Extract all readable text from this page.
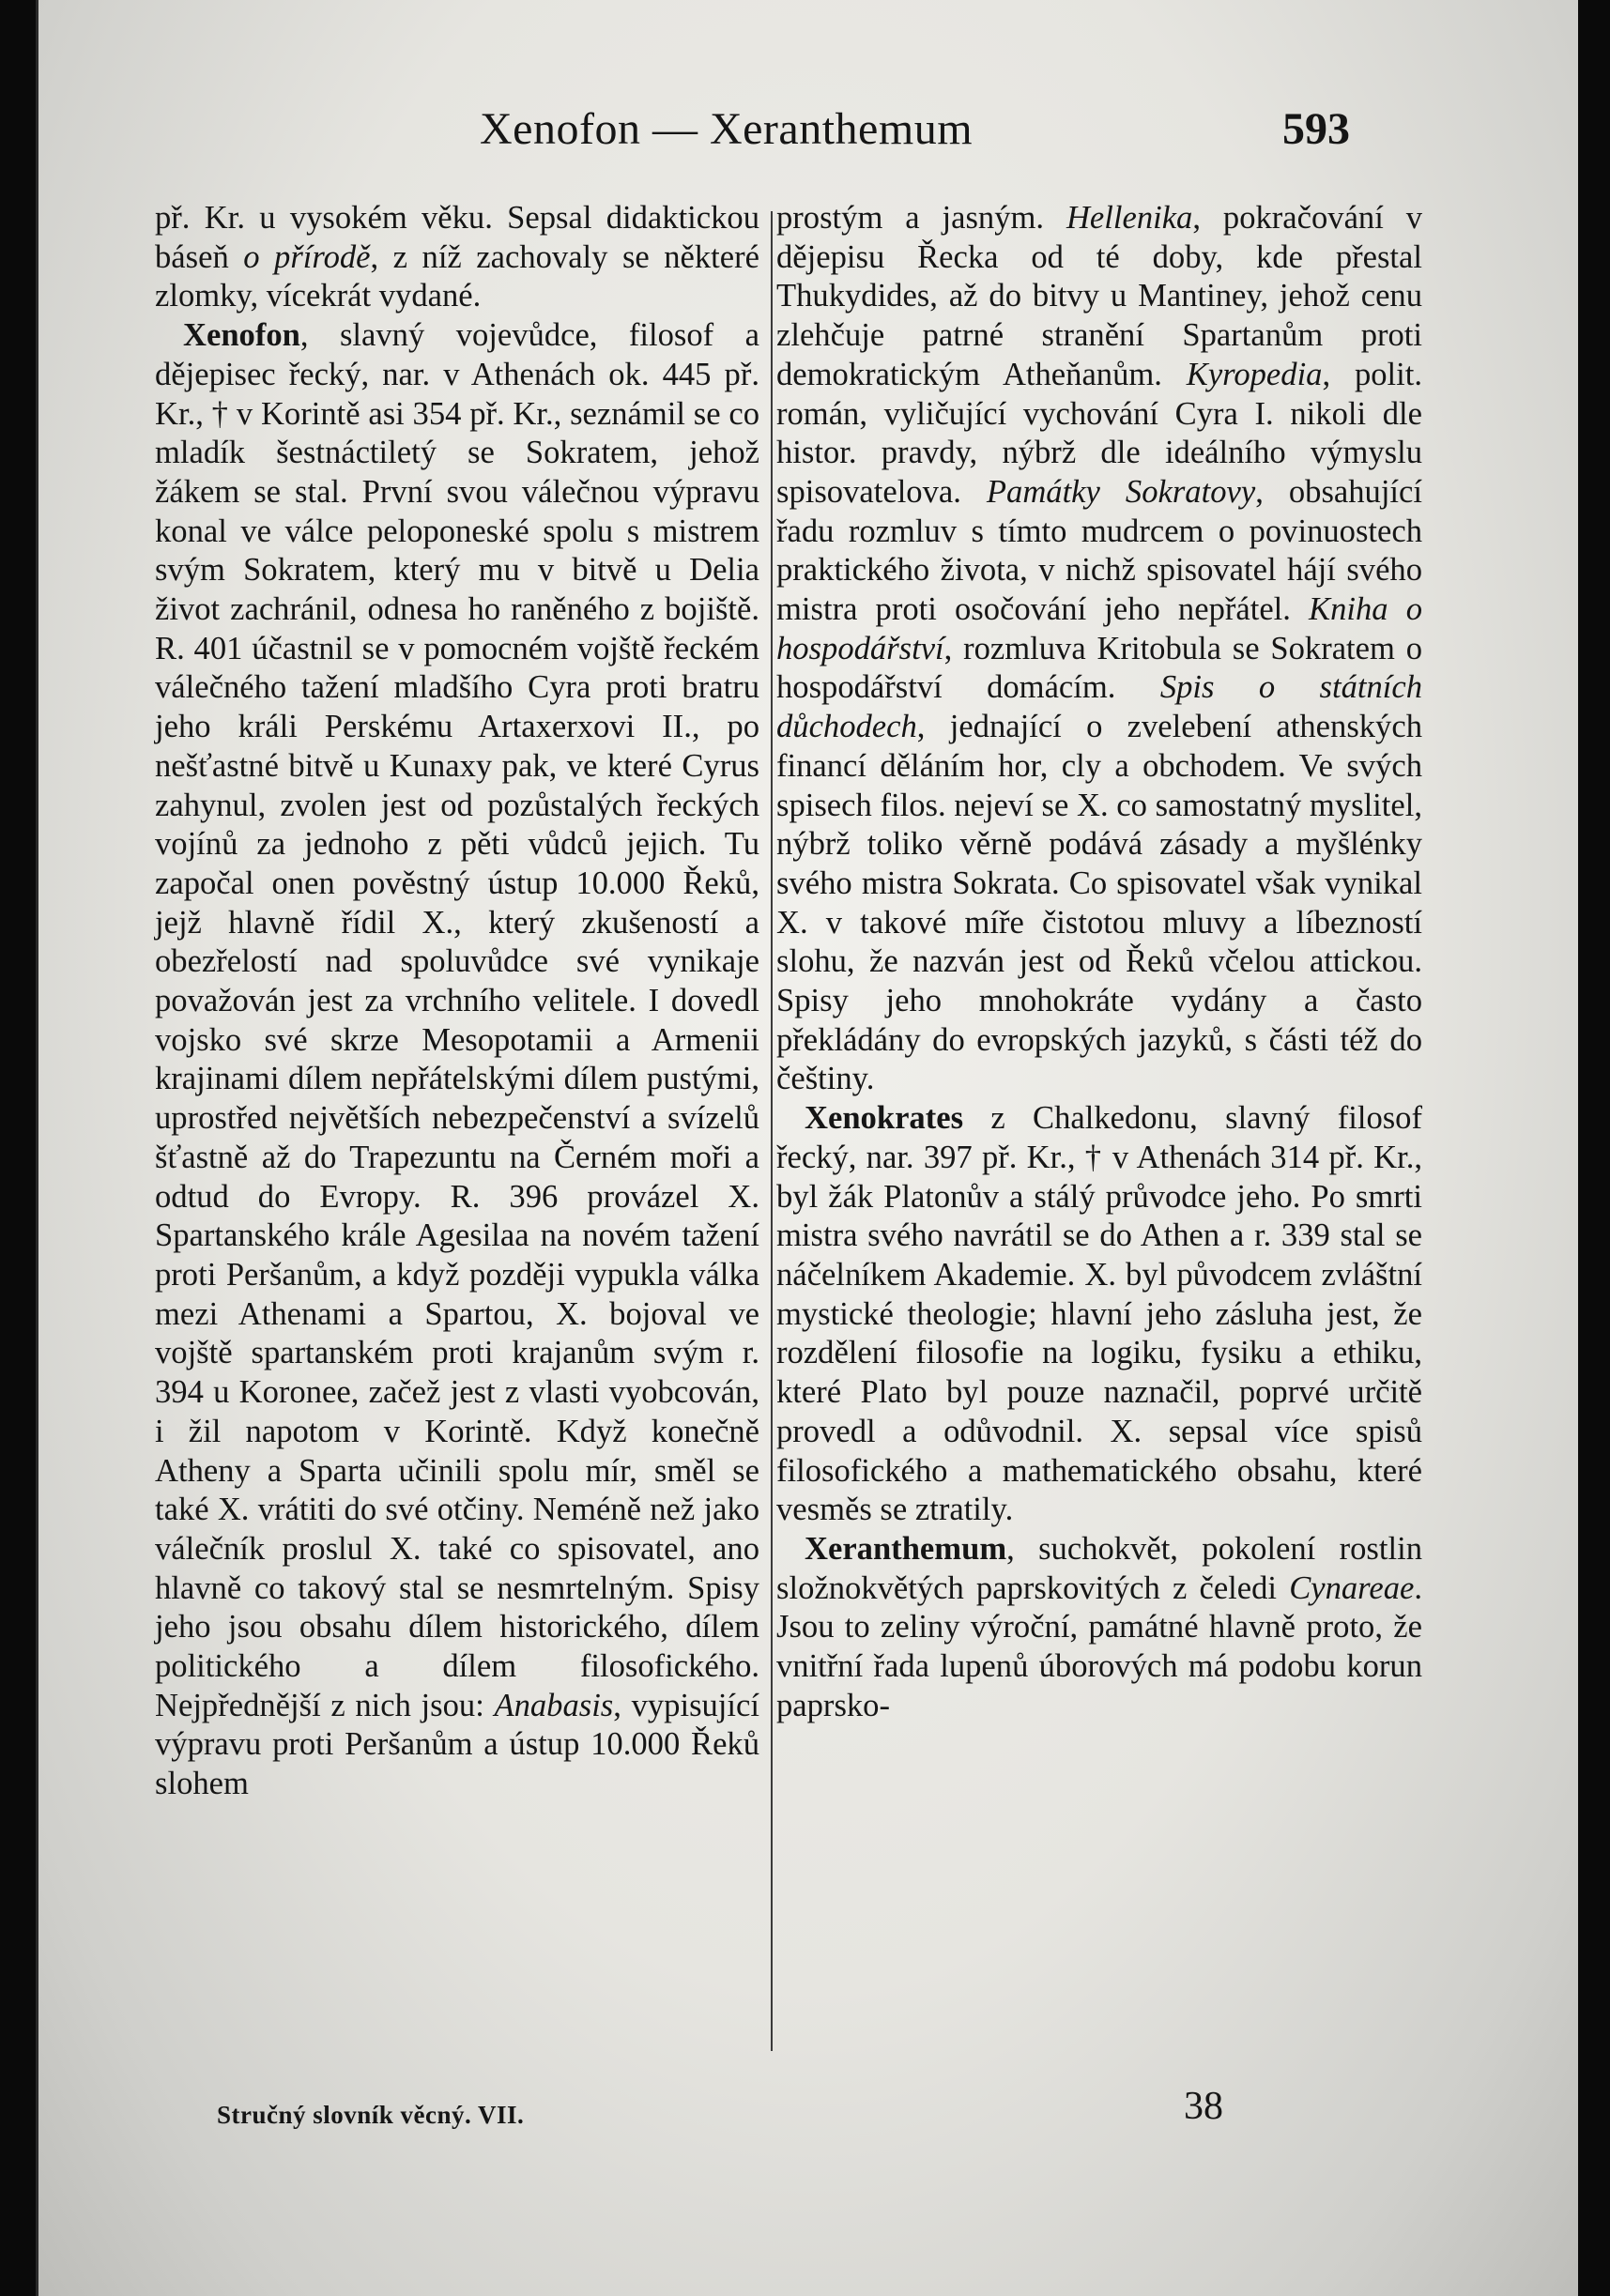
Xenofon — Xeranthemum	593

př. Kr. u vysokém věku. Sepsal didaktickou báseň o přírodě, z níž zachovaly se některé zlomky, vícekrát vydané.

Xenofon, slavný vojevůdce, filosof a dějepisec řecký, nar. v Athenách ok. 445 př. Kr., † v Korintě asi 354 př. Kr., seznámil se co mladík šestnáctiletý se Sokratem, jehož žákem se stal. První svou válečnou výpravu konal ve válce peloponeské spolu s mistrem svým Sokratem, který mu v bitvě u Delia život zachránil, odnesa ho raněného z bojiště. R. 401 účastnil se v pomocném vojště řeckém válečného tažení mladšího Cyra proti bratru jeho králi Perskému Artaxerxovi II., po nešťastné bitvě u Kunaxy pak, ve které Cyrus zahynul, zvolen jest od pozůstalých řeckých vojínů za jednoho z pěti vůdců jejich. Tu započal onen pověstný ústup 10.000 Řeků, jejž hlavně řídil X., který zkušeností a obezřelostí nad spoluvůdce své vynikaje považován jest za vrchního velitele. I dovedl vojsko své skrze Mesopotamii a Armenii krajinami dílem nepřátelskými dílem pustými, uprostřed největších nebezpečenství a svízelů šťastně až do Trapezuntu na Černém moři a odtud do Evropy. R. 396 provázel X. Spartanského krále Agesilaa na novém tažení proti Peršanům, a když později vypukla válka mezi Athenami a Spartou, X. bojoval ve vojště spartanském proti krajanům svým r. 394 u Koronee, začež jest z vlasti vyobcován, i žil napotom v Korintě. Když konečně Atheny a Sparta učinili spolu mír, směl se také X. vrátiti do své otčiny. Neméně než jako válečník proslul X. také co spisovatel, ano hlavně co takový stal se nesmrtelným. Spisy jeho jsou obsahu dílem historického, dílem politického a dílem filosofického. Nejpřednější z nich jsou: Anabasis, vypisující výpravu proti Peršanům a ústup 10.000 Řeků slohem

prostým a jasným. Hellenika, pokračování v dějepisu Řecka od té doby, kde přestal Thukydides, až do bitvy u Mantiney, jehož cenu zlehčuje patrné stranění Spartanům proti demokratickým Atheňanům. Kyropedia, polit. román, vyličující vychování Cyra I. nikoli dle histor. pravdy, nýbrž dle ideálního výmyslu spisovatelova. Památky Sokratovy, obsahující řadu rozmluv s tímto mudrcem o povinuostech praktického života, v nichž spisovatel hájí svého mistra proti osočování jeho nepřátel. Kniha o hospodářství, rozmluva Kritobula se Sokratem o hospodářství domácím. Spis o státních důchodech, jednající o zvelebení athenských financí děláním hor, cly a obchodem. Ve svých spisech filos. nejeví se X. co samostatný myslitel, nýbrž toliko věrně podává zásady a myšlénky svého mistra Sokrata. Co spisovatel však vynikal X. v takové míře čistotou mluvy a líbezností slohu, že nazván jest od Řeků včelou attickou. Spisy jeho mnohokráte vydány a často překládány do evropských jazyků, s části též do češtiny.

Xenokrates z Chalkedonu, slavný filosof řecký, nar. 397 př. Kr., † v Athenách 314 př. Kr., byl žák Platonův a stálý průvodce jeho. Po smrti mistra svého navrátil se do Athen a r. 339 stal se náčelníkem Akademie. X. byl původcem zvláštní mystické theologie; hlavní jeho zásluha jest, že rozdělení filosofie na logiku, fysiku a ethiku, které Plato byl pouze naznačil, poprvé určitě provedl a odůvodnil. X. sepsal více spisů filosofického a mathematického obsahu, které vesměs se ztratily.

Xeranthemum, suchokvět, pokolení rostlin složnokvětých paprskovitých z čeledi Cynareae. Jsou to zeliny výroční, památné hlavně proto, že vnitřní řada lupenů úborových má podobu korun paprsko-

Stručný slovník věcný. VII.	38
